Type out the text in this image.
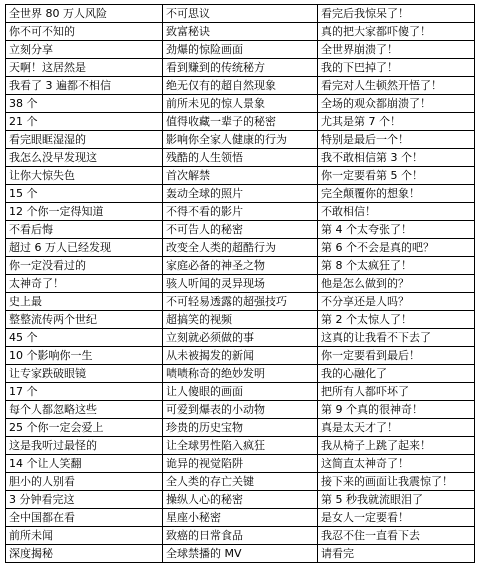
全世界 80 万人风险	不可思议	看完后我惊呆了！
你不可不知的	致富秘诀	真的把大家都吓傻了！
立刻分享	劲爆的惊险画面	全世界崩溃了！
天啊！这居然是	看到赚到的传统秘方	我的下巴掉了！
我看了 3 遍都不相信	绝无仅有的超自然现象	看完对人生顿然开悟了！
38 个	前所未见的惊人景象	全场的观众都崩溃了！
21 个	值得收藏一辈子的秘密	尤其是第 7 个！
看完眼眶湿湿的	影响你全家人健康的行为	特别是最后一个！
我怎么没早发现这	残酷的人生领悟	我不敢相信第 3 个！
让你大惊失色	首次解禁	你一定要看第 5 个！
15 个	轰动全球的照片	完全颠覆你的想象！
12 个你一定得知道	不得不看的影片	不敢相信！
不看后悔	不可告人的秘密	第 4 个太夸张了！
超过 6 万人已经发现	改变全人类的超酷行为	第 6 个不会是真的吧？
你一定没看过的	家庭必备的神圣之物	第 8 个太疯狂了！
太神奇了！	骇人听闻的灵异现场	他是怎么做到的？
史上最	不可轻易透露的超强技巧	不分享还是人吗？
整整流传两个世纪	超搞笑的视频	第 2 个太惊人了！
45 个	立刻就必须做的事	这真的让我看不下去了
10 个影响你一生	从未被揭发的新闻	你一定要看到最后！
让专家跌破眼镜	啧啧称奇的绝妙发明	我的心融化了
17 个	让人傻眼的画面	把所有人都吓坏了
每个人都忽略这些	可爱到爆表的小动物	第 9 个真的很神奇！
25 个你一定会爱上	珍贵的历史宝物	真是太天才了！
这是我听过最怪的	让全球男性陷入疯狂	我从椅子上跳了起来！
14 个让人笑翻	诡异的视觉陷阱	这简直太神奇了！
胆小的人别看	全人类的存亡关键	接下来的画面让我震惊了！
3 分钟看完这	操纵人心的秘密	第 5 秒我就流眼泪了
全中国都在看	星座小秘密	是女人一定要看！
前所未闻	致癌的日常食品	我忍不住一直看下去
深度揭秘	全球禁播的 MV	请看完
